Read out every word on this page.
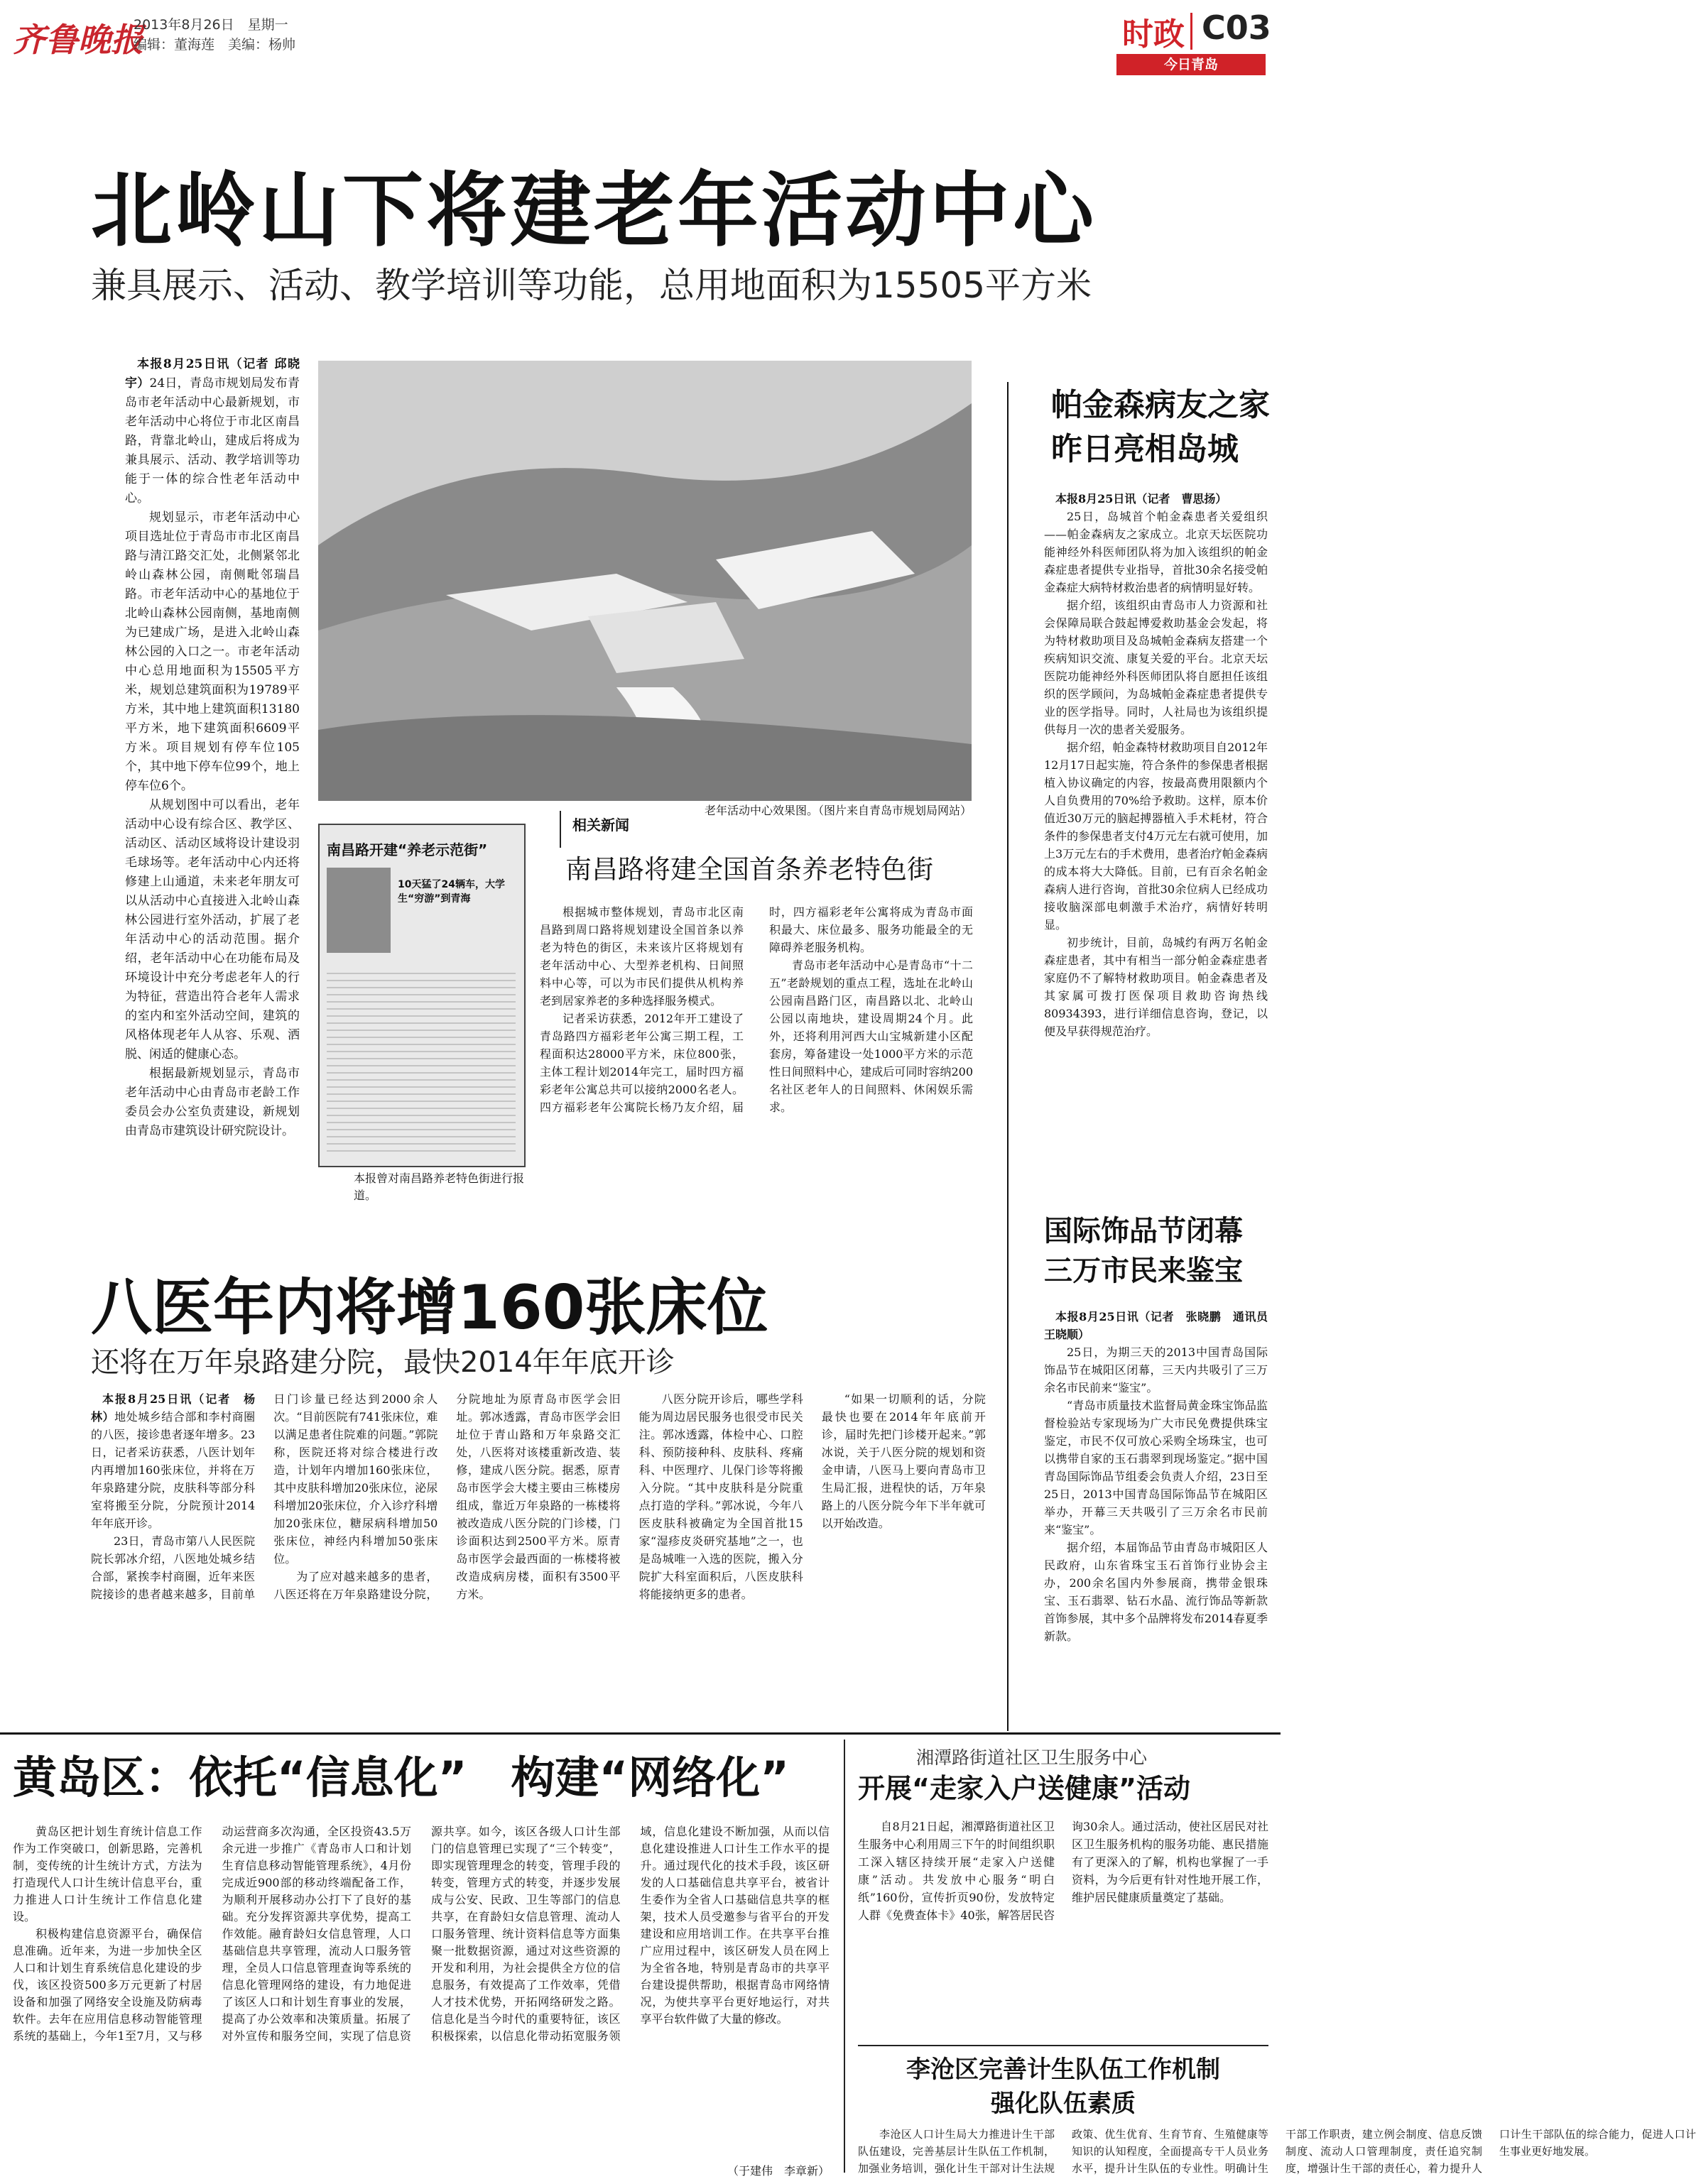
齐鲁晚报
2013年8月26日　星期一
编辑：董海莲　美编：杨帅	时政 C03
今日青岛
北岭山下将建老年活动中心
兼具展示、活动、教学培训等功能，总用地面积为15505平方米

本报8月25日讯（记者 邱晓宇）24日，青岛市规划局发布青岛市老年活动中心最新规划，市老年活动中心将位于市北区南昌路，背靠北岭山，建成后将成为兼具展示、活动、教学培训等功能于一体的综合性老年活动中心。

规划显示，市老年活动中心项目选址位于青岛市市北区南昌路与清江路交汇处，北侧紧邻北岭山森林公园，南侧毗邻瑞昌路。市老年活动中心的基地位于北岭山森林公园南侧，基地南侧为已建成广场，是进入北岭山森林公园的入口之一。市老年活动中心总用地面积为15505平方米，规划总建筑面积为19789平方米，其中地上建筑面积13180平方米，地下建筑面积6609平方米。项目规划有停车位105个，其中地下停车位99个，地上停车位6个。

从规划图中可以看出，老年活动中心设有综合区、教学区、活动区、活动区域将设计建设羽毛球场等。老年活动中心内还将修建上山通道，未来老年朋友可以从活动中心直接进入北岭山森林公园进行室外活动，扩展了老年活动中心的活动范围。据介绍，老年活动中心在功能布局及环境设计中充分考虑老年人的行为特征，营造出符合老年人需求的室内和室外活动空间，建筑的风格体现老年人从容、乐观、洒脱、闲适的健康心态。

根据最新规划显示，青岛市老年活动中心由青岛市老龄工作委员会办公室负责建设，新规划由青岛市建筑设计研究院设计。

老年活动中心效果图。（图片来自青岛市规划局网站）
南昌路开建“养老示范街”
10天猛了24辆车，大学生“穷游”到青海
本报曾对南昌路养老特色街进行报道。
相关新闻
南昌路将建全国首条养老特色街

根据城市整体规划，青岛市北区南昌路到周口路将规划建设全国首条以养老为特色的街区，未来该片区将规划有老年活动中心、大型养老机构、日间照料中心等，可以为市民们提供从机构养老到居家养老的多种选择服务模式。

记者采访获悉，2012年开工建设了青岛路四方福彩老年公寓三期工程，工程面积达28000平方米，床位800张，主体工程计划2014年完工，届时四方福彩老年公寓总共可以接纳2000名老人。四方福彩老年公寓院长杨乃友介绍，届时，四方福彩老年公寓将成为青岛市面积最大、床位最多、服务功能最全的无障碍养老服务机构。

青岛市老年活动中心是青岛市“十二五”老龄规划的重点工程，选址在北岭山公园南昌路门区，南昌路以北、北岭山公园以南地块，建设周期24个月。此外，还将利用河西大山宝城新建小区配套房，筹备建设一处1000平方米的示范性日间照料中心，建成后可同时容纳200名社区老年人的日间照料、休闲娱乐需求。

帕金森病友之家
昨日亮相岛城

本报8月25日讯（记者　曹思扬）

25日，岛城首个帕金森患者关爱组织——帕金森病友之家成立。北京天坛医院功能神经外科医师团队将为加入该组织的帕金森症患者提供专业指导，首批30余名接受帕金森症大病特材救治患者的病情明显好转。

据介绍，该组织由青岛市人力资源和社会保障局联合鼓起博爱救助基金会发起，将为特材救助项目及岛城帕金森病友搭建一个疾病知识交流、康复关爱的平台。北京天坛医院功能神经外科医师团队将自愿担任该组织的医学顾问，为岛城帕金森症患者提供专业的医学指导。同时，人社局也为该组织提供每月一次的患者关爱服务。

据介绍，帕金森特材救助项目自2012年12月17日起实施，符合条件的参保患者根据植入协议确定的内容，按最高费用限额内个人自负费用的70%给予救助。这样，原本价值近30万元的脑起搏器植入手术耗材，符合条件的参保患者支付4万元左右就可使用，加上3万元左右的手术费用，患者治疗帕金森病的成本将大大降低。目前，已有百余名帕金森病人进行咨询，首批30余位病人已经成功接收脑深部电刺激手术治疗，病情好转明显。

初步统计，目前，岛城约有两万名帕金森症患者，其中有相当一部分帕金森症患者家庭仍不了解特材救助项目。帕金森患者及其家属可拨打医保项目救助咨询热线80934393，进行详细信息咨询，登记，以便及早获得规范治疗。

国际饰品节闭幕
三万市民来鉴宝

本报8月25日讯（记者　张晓鹏　通讯员　王晓顺）

25日，为期三天的2013中国青岛国际饰品节在城阳区闭幕，三天内共吸引了三万余名市民前来“鉴宝”。

“青岛市质量技术监督局黄金珠宝饰品监督检验站专家现场为广大市民免费提供珠宝鉴定，市民不仅可放心采购全场珠宝，也可以携带自家的玉石翡翠到现场鉴定。”据中国青岛国际饰品节组委会负责人介绍，23日至25日，2013中国青岛国际饰品节在城阳区举办，开幕三天共吸引了三万余名市民前来“鉴宝”。

据介绍，本届饰品节由青岛市城阳区人民政府，山东省珠宝玉石首饰行业协会主办，200余名国内外参展商，携带金银珠宝、玉石翡翠、钻石水晶、流行饰品等新款首饰参展，其中多个品牌将发布2014春夏季新款。

八医年内将增160张床位
还将在万年泉路建分院，最快2014年年底开诊

本报8月25日讯（记者　杨林）地处城乡结合部和李村商圈的八医，接诊患者逐年增多。23日，记者采访获悉，八医计划年内再增加160张床位，并将在万年泉路建分院，皮肤科等部分科室将搬至分院，分院预计2014年年底开诊。

23日，青岛市第八人民医院院长郭冰介绍，八医地处城乡结合部，紧挨李村商圈，近年来医院接诊的患者越来越多，目前单日门诊量已经达到2000余人次。“目前医院有741张床位，难以满足患者住院难的问题。”郭院称，医院还将对综合楼进行改造，计划年内增加160张床位，其中皮肤科增加20张床位，泌尿科增加20张床位，介入诊疗科增加20张床位，糖尿病科增加50张床位，神经内科增加50张床位。

为了应对越来越多的患者，八医还将在万年泉路建设分院，分院地址为原青岛市医学会旧址。郭冰透露，青岛市医学会旧址位于青山路和万年泉路交汇处，八医将对该楼重新改造、装修，建成八医分院。据悉，原青岛市医学会大楼主要由三栋楼房组成，靠近万年泉路的一栋楼将被改造成八医分院的门诊楼，门诊面积达到2500平方米。原青岛市医学会最西面的一栋楼将被改造成病房楼，面积有3500平方米。

八医分院开诊后，哪些学科能为周边居民服务也很受市民关注。郭冰透露，体检中心、口腔科、预防接种科、皮肤科、疼痛科、中医理疗、儿保门诊等将搬入分院。“其中皮肤科是分院重点打造的学科。”郭冰说，今年八医皮肤科被确定为全国首批15家“湿疹皮炎研究基地”之一，也是岛城唯一入选的医院，搬入分院扩大科室面积后，八医皮肤科将能接纳更多的患者。

“如果一切顺利的话，分院最快也要在2014年年底前开诊，届时先把门诊楼开起来。”郭冰说，关于八医分院的规划和资金申请，八医马上要向青岛市卫生局汇报，进程快的话，万年泉路上的八医分院今年下半年就可以开始改造。

黄岛区：依托“信息化”　构建“网络化”

黄岛区把计划生育统计信息工作作为工作突破口，创新思路，完善机制，变传统的计生统计方式，方法为打造现代人口计生统计信息平台，重力推进人口计生统计工作信息化建设。

积极构建信息资源平台，确保信息准确。近年来，为进一步加快全区人口和计划生育系统信息化建设的步伐，该区投资500多万元更新了村居设备和加强了网络安全设施及防病毒软件。去年在应用信息移动智能管理系统的基础上，今年1至7月，又与移动运营商多次沟通，全区投资43.5万余元进一步推广《青岛市人口和计划生育信息移动智能管理系统》，4月份完成近900部的移动终端配备工作，为顺利开展移动办公打下了良好的基础。充分发挥资源共享优势，提高工作效能。融育龄妇女信息管理，人口基础信息共享管理，流动人口服务管理，全员人口信息管理查询等系统的信息化管理网络的建设，有力地促进了该区人口和计划生育事业的发展，提高了办公效率和决策质量。拓展了对外宣传和服务空间，实现了信息资源共享。如今，该区各级人口计生部门的信息管理已实现了“三个转变”，即实现管理理念的转变，管理手段的转变，管理方式的转变，并逐步发展成与公安、民政、卫生等部门的信息共享，在育龄妇女信息管理、流动人口服务管理、统计资料信息等方面集聚一批数据资源，通过对这些资源的开发和利用，为社会提供全方位的信息服务，有效提高了工作效率，凭借人才技术优势，开拓网络研发之路。信息化是当今时代的重要特征，该区积极探索，以信息化带动拓宽服务领域，信息化建设不断加强，从而以信息化建设推进人口计生工作水平的提升。通过现代化的技术手段，该区研发的人口基础信息共享平台，被省计生委作为全省人口基础信息共享的框架，技术人员受邀参与省平台的开发建设和应用培训工作。在共享平台推广应用过程中，该区研发人员在网上为全省各地，特别是青岛市的共享平台建设提供帮助，根据青岛市网络情况，为使共享平台更好地运行，对共享平台软件做了大量的修改。

（于建伟　李章新）
湘潭路街道社区卫生服务中心
开展“走家入户送健康”活动

自8月21日起，湘潭路街道社区卫生服务中心利用周三下午的时间组织职工深入辖区持续开展“走家入户送健康”活动。共发放中心服务“明白纸”160份，宣传折页90份，发放特定人群《免费查体卡》40张，解答居民咨询30余人。通过活动，使社区居民对社区卫生服务机构的服务功能、惠民措施有了更深入的了解，机构也掌握了一手资料，为今后更有针对性地开展工作，维护居民健康质量奠定了基础。

李沧区完善计生队伍工作机制
强化队伍素质

李沧区人口计生局大力推进计生干部队伍建设，完善基层计生队伍工作机制，加强业务培训，强化计生干部对计生法规政策、优生优育、生育节育、生殖健康等知识的认知程度，全面提高专干人员业务水平，提升计生队伍的专业性。明确计生干部工作职责，建立例会制度、信息反馈制度、流动人口管理制度，责任追究制度，增强计生干部的责任心，着力提升人口计生干部队伍的综合能力，促进人口计生事业更好地发展。
